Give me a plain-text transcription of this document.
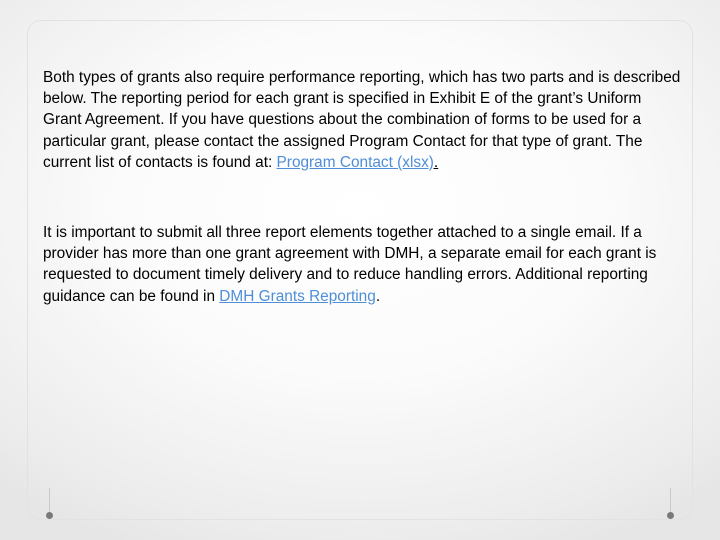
Both types of grants also require performance reporting, which has two parts and is described below. The reporting period for each grant is specified in Exhibit E of the grant’s Uniform Grant Agreement. If you have questions about the combination of forms to be used for a particular grant, please contact the assigned Program Contact for that type of grant. The current list of contacts is found at: Program Contact (xlsx).

It is important to submit all three report elements together attached to a single email. If a provider has more than one grant agreement with DMH, a separate email for each grant is requested to document timely delivery and to reduce handling errors. Additional reporting guidance can be found in DMH Grants Reporting.
